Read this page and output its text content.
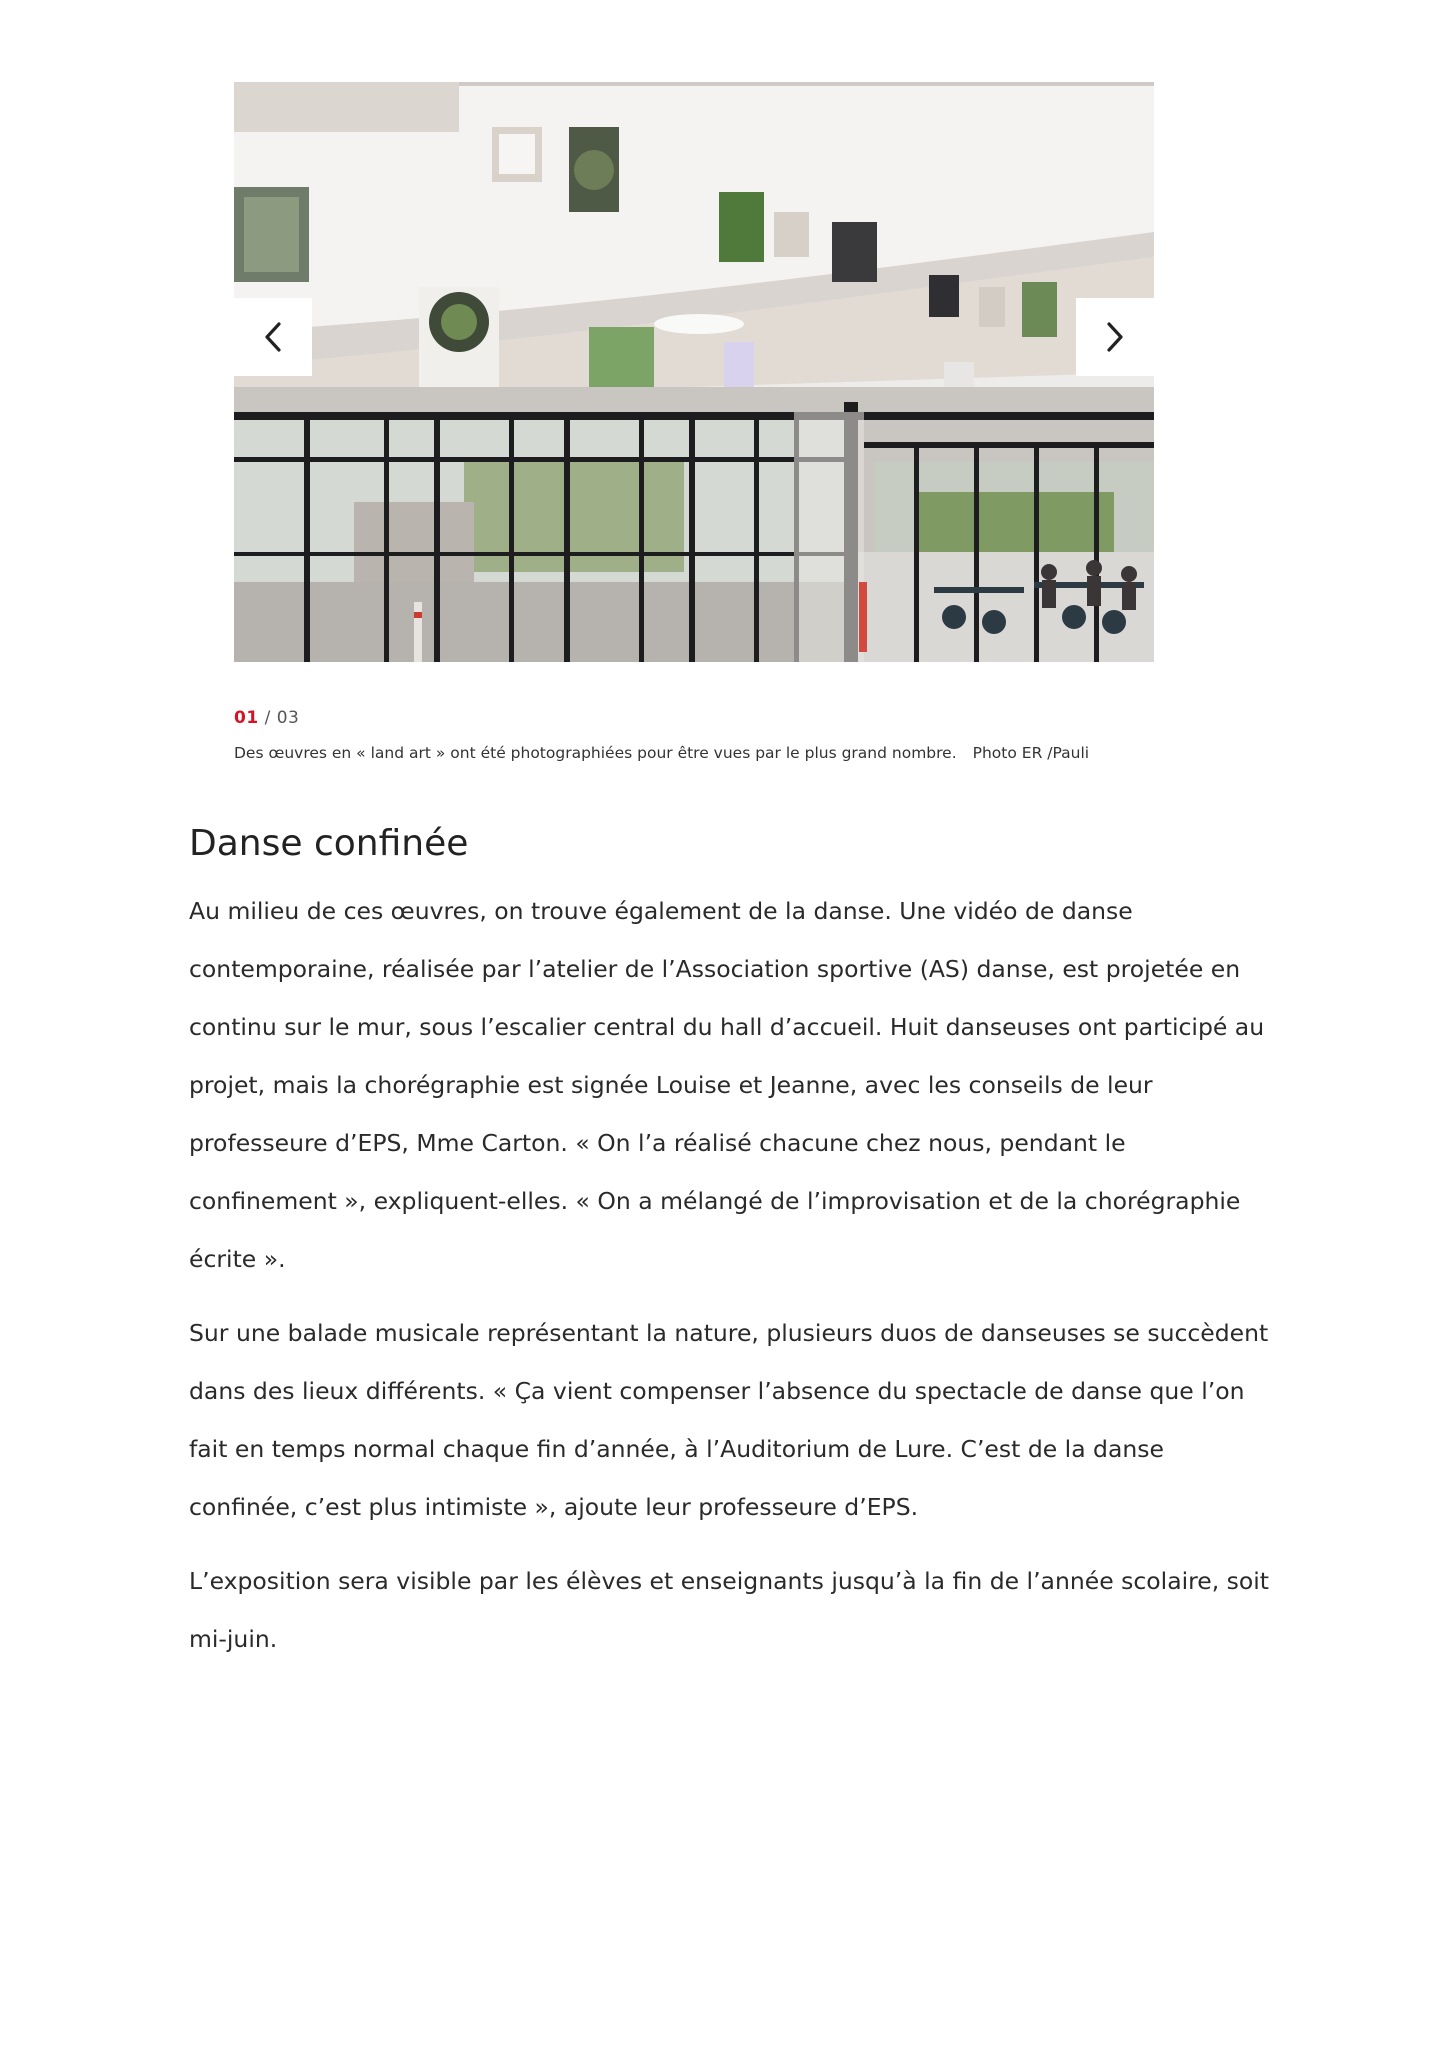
01 / 03
Des œuvres en « land art » ont été photographiées pour être vues par le plus grand nombre. Photo ER /Pauli
Danse confinée

Au milieu de ces œuvres, on trouve également de la danse. Une vidéo de danse contemporaine, réalisée par l’atelier de l’Association sportive (AS) danse, est projetée en continu sur le mur, sous l’escalier central du hall d’accueil. Huit danseuses ont participé au projet, mais la chorégraphie est signée Louise et Jeanne, avec les conseils de leur professeure d’EPS, Mme Carton. « On l’a réalisé chacune chez nous, pendant le confinement », expliquent-elles. « On a mélangé de l’improvisation et de la chorégraphie écrite ».

Sur une balade musicale représentant la nature, plusieurs duos de danseuses se succèdent dans des lieux différents. « Ça vient compenser l’absence du spectacle de danse que l’on fait en temps normal chaque fin d’année, à l’Auditorium de Lure. C’est de la danse confinée, c’est plus intimiste », ajoute leur professeure d’EPS.

L’exposition sera visible par les élèves et enseignants jusqu’à la fin de l’année scolaire, soit mi-juin.
